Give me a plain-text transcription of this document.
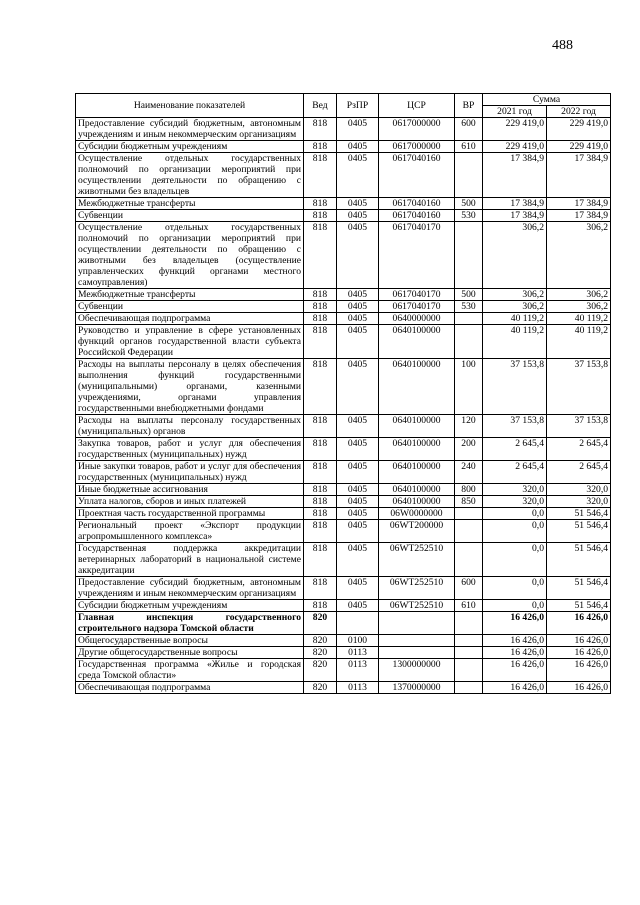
488
Наименование показателей	Вед	РзПР	ЦСР	ВР	Сумма	
					2021 год	2022 год
Предоставление субсидий бюджетным, автономным учреждениям и иным некоммерческим организациям	818	0405	0617000000	600	229 419,0	229 419,0
Субсидии бюджетным учреждениям	818	0405	0617000000	610	229 419,0	229 419,0
Осуществление отдельных государственных полномочий по организации мероприятий при осуществлении деятельности по обращению с животными без владельцев	818	0405	0617040160		17 384,9	17 384,9
Межбюджетные трансферты	818	0405	0617040160	500	17 384,9	17 384,9
Субвенции	818	0405	0617040160	530	17 384,9	17 384,9
Осуществление отдельных государственных полномочий по организации мероприятий при осуществлении деятельности по обращению с животными без владельцев (осуществление управленческих функций органами местного самоуправления)	818	0405	0617040170		306,2	306,2
Межбюджетные трансферты	818	0405	0617040170	500	306,2	306,2
Субвенции	818	0405	0617040170	530	306,2	306,2
Обеспечивающая подпрограмма	818	0405	0640000000		40 119,2	40 119,2
Руководство и управление в сфере установленных функций органов государственной власти субъекта Российской Федерации	818	0405	0640100000		40 119,2	40 119,2
Расходы на выплаты персоналу в целях обеспечения выполнения функций государственными (муниципальными) органами, казенными учреждениями, органами управления государственными внебюджетными фондами	818	0405	0640100000	100	37 153,8	37 153,8
Расходы на выплаты персоналу государственных (муниципальных) органов	818	0405	0640100000	120	37 153,8	37 153,8
Закупка товаров, работ и услуг для обеспечения государственных (муниципальных) нужд	818	0405	0640100000	200	2 645,4	2 645,4
Иные закупки товаров, работ и услуг для обеспечения государственных (муниципальных) нужд	818	0405	0640100000	240	2 645,4	2 645,4
Иные бюджетные ассигнования	818	0405	0640100000	800	320,0	320,0
Уплата налогов, сборов и иных платежей	818	0405	0640100000	850	320,0	320,0
Проектная часть государственной программы	818	0405	06W0000000		0,0	51 546,4
Региональный проект «Экспорт продукции агропромышленного комплекса»	818	0405	06WT200000		0,0	51 546,4
Государственная поддержка аккредитации ветеринарных лабораторий в национальной системе аккредитации	818	0405	06WT252510		0,0	51 546,4
Предоставление субсидий бюджетным, автономным учреждениям и иным некоммерческим организациям	818	0405	06WT252510	600	0,0	51 546,4
Субсидии бюджетным учреждениям	818	0405	06WT252510	610	0,0	51 546,4
Главная инспекция государственного строительного надзора Томской области	820				16 426,0	16 426,0
Общегосударственные вопросы	820	0100			16 426,0	16 426,0
Другие общегосударственные вопросы	820	0113			16 426,0	16 426,0
Государственная программа «Жилье и городская среда Томской области»	820	0113	1300000000		16 426,0	16 426,0
Обеспечивающая подпрограмма	820	0113	1370000000		16 426,0	16 426,0
